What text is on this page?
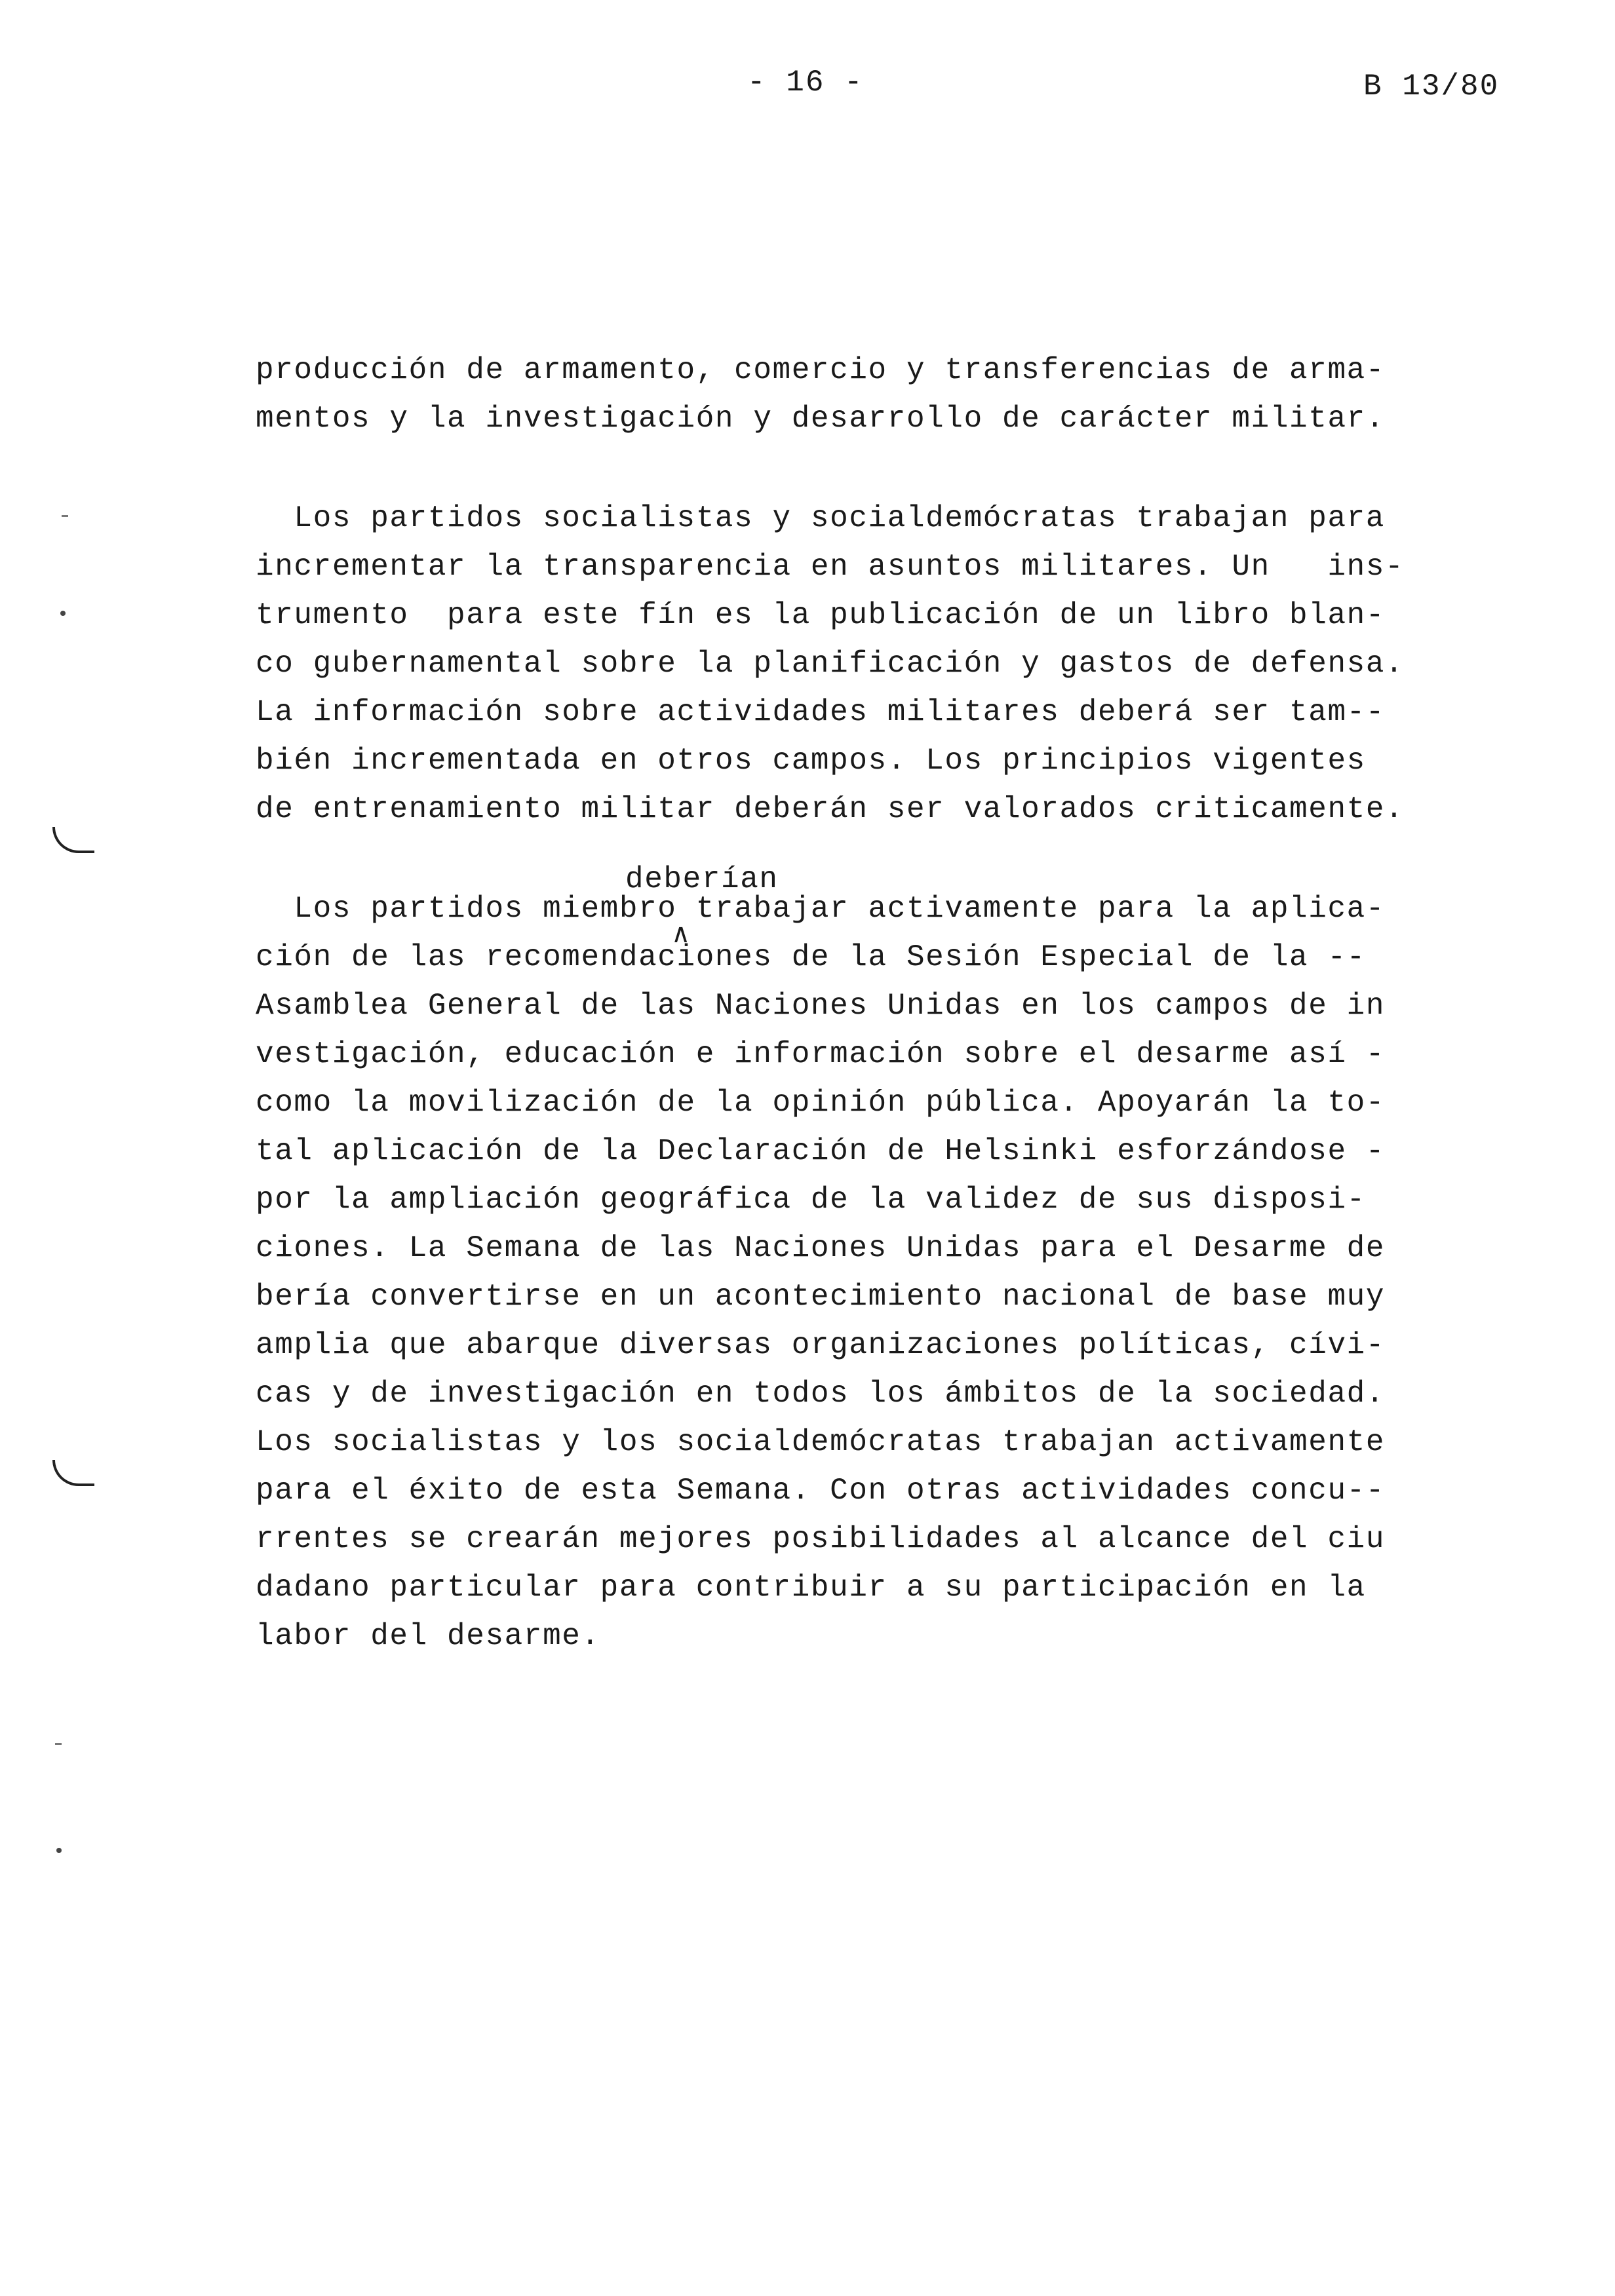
- 16 -	B 13/80
producción de armamento, comercio y transferencias de arma-
mentos y la investigación y desarrollo de carácter militar.
Los partidos socialistas y socialdemócratas trabajan para
incrementar la transparencia en asuntos militares. Un   ins-
trumento  para este fín es la publicación de un libro blan-
co gubernamental sobre la planificación y gastos de defensa.
La información sobre actividades militares deberá ser tam--
bién incrementada en otros campos. Los principios vigentes
de entrenamiento militar deberán ser valorados criticamente.
deberían
∧
Los partidos miembro trabajar activamente para la aplica-
ción de las recomendaciones de la Sesión Especial de la --
Asamblea General de las Naciones Unidas en los campos de in
vestigación, educación e información sobre el desarme así -
como la movilización de la opinión pública. Apoyarán la to-
tal aplicación de la Declaración de Helsinki esforzándose -
por la ampliación geográfica de la validez de sus disposi-
ciones. La Semana de las Naciones Unidas para el Desarme de
bería convertirse en un acontecimiento nacional de base muy
amplia que abarque diversas organizaciones políticas, cívi-
cas y de investigación en todos los ámbitos de la sociedad.
Los socialistas y los socialdemócratas trabajan activamente
para el éxito de esta Semana. Con otras actividades concu--
rrentes se crearán mejores posibilidades al alcance del ciu
dadano particular para contribuir a su participación en la
labor del desarme.
